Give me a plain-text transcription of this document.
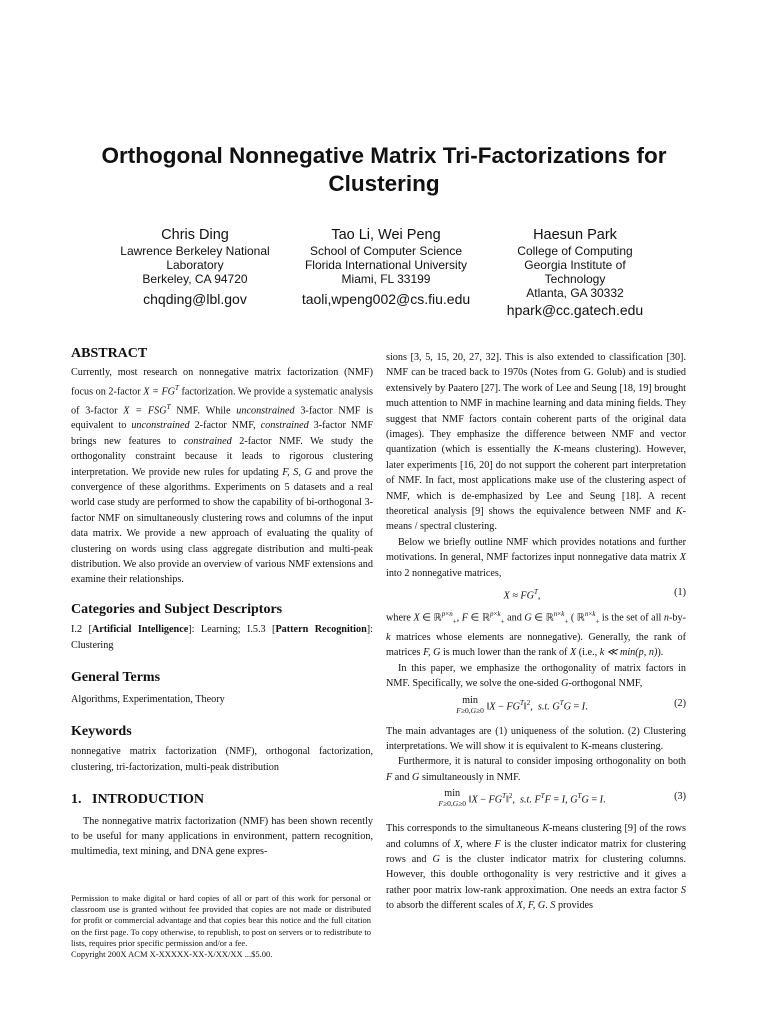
Orthogonal Nonnegative Matrix Tri-Factorizations for
Clustering
Chris Ding
Lawrence Berkeley National
Laboratory
Berkeley, CA 94720
chqding@lbl.gov
Tao Li, Wei Peng
School of Computer Science
Florida International University
Miami, FL 33199
taoli,wpeng002@cs.fiu.edu
Haesun Park
College of Computing
Georgia Institute of
Technology
Atlanta, GA 30332
hpark@cc.gatech.edu
ABSTRACT

Currently, most research on nonnegative matrix factorization (NMF) focus on 2-factor $X = FG^T$ factorization. We provide a systematic analysis of 3-factor $X = FSG^T$ NMF. While unconstrained 3-factor NMF is equivalent to unconstrained 2-factor NMF, constrained 3-factor NMF brings new features to constrained 2-factor NMF. We study the orthogonality constraint because it leads to rigorous clustering interpretation. We provide new rules for updating F, S, G and prove the convergence of these algorithms. Experiments on 5 datasets and a real world case study are performed to show the capability of bi-orthogonal 3-factor NMF on simultaneously clustering rows and columns of the input data matrix. We provide a new approach of evaluating the quality of clustering on words using class aggregate distribution and multi-peak distribution. We also provide an overview of various NMF extensions and examine their relationships.

Categories and Subject Descriptors

I.2 [Artificial Intelligence]: Learning; I.5.3 [Pattern Recognition]: Clustering

General Terms

Algorithms, Experimentation, Theory

Keywords

nonnegative matrix factorization (NMF), orthogonal factorization, clustering, tri-factorization, multi-peak distribution

1. INTRODUCTION

The nonnegative matrix factorization (NMF) has been shown recently to be useful for many applications in environment, pattern recognition, multimedia, text mining, and DNA gene expres-

Permission to make digital or hard copies of all or part of this work for personal or classroom use is granted without fee provided that copies are not made or distributed for profit or commercial advantage and that copies bear this notice and the full citation on the first page. To copy otherwise, to republish, to post on servers or to redistribute to lists, requires prior specific permission and/or a fee.

Copyright 200X ACM X-XXXXX-XX-X/XX/XX ...$5.00.

sions [3, 5, 15, 20, 27, 32]. This is also extended to classification [30]. NMF can be traced back to 1970s (Notes from G. Golub) and is studied extensively by Paatero [27]. The work of Lee and Seung [18, 19] brought much attention to NMF in machine learning and data mining fields. They suggest that NMF factors contain coherent parts of the original data (images). They emphasize the difference between NMF and vector quantization (which is essentially the K-means clustering). However, later experiments [16, 20] do not support the coherent part interpretation of NMF. In fact, most applications make use of the clustering aspect of NMF, which is de-emphasized by Lee and Seung [18]. A recent theoretical analysis [9] shows the equivalence between NMF and K-means / spectral clustering.

Below we briefly outline NMF which provides notations and further motivations. In general, NMF factorizes input nonnegative data matrix X into 2 nonnegative matrices,

$X \approx FG^T$,	(1)

where X ∈ ℝ$^{p\times n}_+$, F ∈ ℝ$^{p\times k}_+$ and G ∈ ℝ$^{n\times k}_+$ ( ℝ$^{n\times k}_+$ is the set of all n-by-k matrices whose elements are nonnegative). Generally, the rank of matrices F, G is much lower than the rank of X (i.e., k ≪ min(p, n)).

In this paper, we emphasize the orthogonality of matrix factors in NMF. Specifically, we solve the one-sided G-orthogonal NMF,

min
F≥0,G≥0 ‖X − $FG^T‖^2$,  s.t. $G^TG = I$.	(2)

The main advantages are (1) uniqueness of the solution. (2) Clustering interpretations. We will show it is equivalent to K-means clustering.

Furthermore, it is natural to consider imposing orthogonality on both F and G simultaneously in NMF.

min
F≥0,G≥0 ‖X − $FG^T‖^2$,  s.t. $F^TF = I$, $G^TG = I$.	(3)

This corresponds to the simultaneous K-means clustering [9] of the rows and columns of X, where F is the cluster indicator matrix for clustering rows and G is the cluster indicator matrix for clustering columns. However, this double orthogonality is very restrictive and it gives a rather poor matrix low-rank approximation. One needs an extra factor S to absorb the different scales of X, F, G. S provides
